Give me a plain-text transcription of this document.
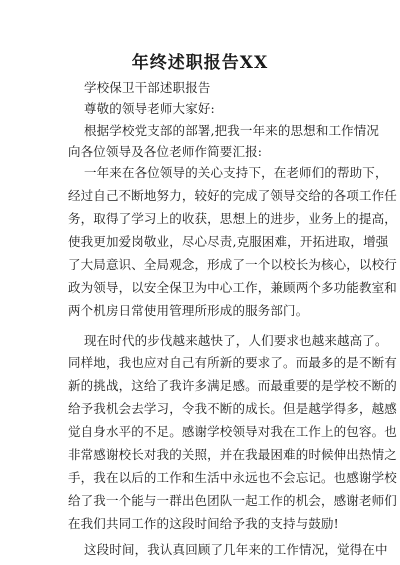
年终述职报告XX
学校保卫干部述职报告
尊敬的领导老师大家好:
根据学校党支部的部署,把我一年来的思想和工作情况
向各位领导及各位老师作简要汇报:
一年来在各位领导的关心支持下，在老师们的帮助下，
经过自己不断地努力，较好的完成了领导交给的各项工作任
务，取得了学习上的收获，思想上的进步，业务上的提高，
使我更加爱岗敬业，尽心尽责,克服困难，开拓进取，增强
了大局意识、全局观念，形成了一个以校长为核心，以校行
政为领导，以安全保卫为中心工作，兼顾两个多功能教室和
两个机房日常使用管理所形成的服务部门。
现在时代的步伐越来越快了，人们要求也越来越高了。
同样地，我也应对自己有所新的要求了。而最多的是不断有
新的挑战，这给了我许多满足感。而最重要的是学校不断的
给予我机会去学习，令我不断的成长。但是越学得多，越感
觉自身水平的不足。感谢学校领导对我在工作上的包容。也
非常感谢校长对我的关照，并在我最困难的时候伸出热情之
手，我在以后的工作和生活中永远也不会忘记。也感谢学校
给了我一个能与一群出色团队一起工作的机会，感谢老师们
在我们共同工作的这段时间给予我的支持与鼓励!
这段时间，我认真回顾了几年来的工作情况，觉得在中
